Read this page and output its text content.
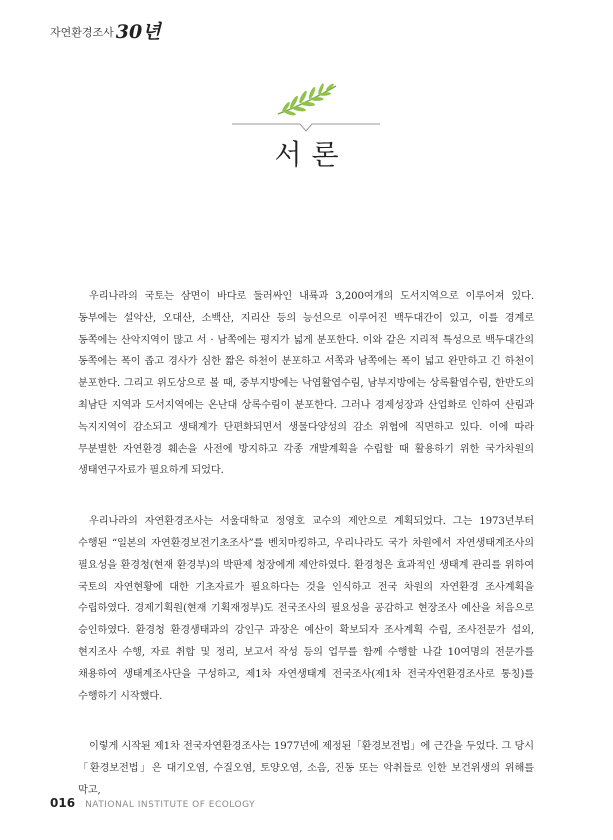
자연환경조사 30년
서론

우리나라의 국토는 삼면이 바다로 둘러싸인 내륙과 3,200여개의 도서지역으로 이루어져 있다. 동부에는 설악산, 오대산, 소백산, 지리산 등의 능선으로 이루어진 백두대간이 있고, 이를 경계로 동쪽에는 산악지역이 많고 서 · 남쪽에는 평지가 넓게 분포한다. 이와 같은 지리적 특성으로 백두대간의 동쪽에는 폭이 좁고 경사가 심한 짧은 하천이 분포하고 서쪽과 남쪽에는 폭이 넓고 완만하고 긴 하천이 분포한다. 그리고 위도상으로 볼 때, 중부지방에는 낙엽활엽수림, 남부지방에는 상록활엽수림, 한반도의 최남단 지역과 도서지역에는 온난대 상록수림이 분포한다. 그러나 경제성장과 산업화로 인하여 산림과 녹지지역이 감소되고 생태계가 단편화되면서 생물다양성의 감소 위협에 직면하고 있다. 이에 따라 무분별한 자연환경 훼손을 사전에 방지하고 각종 개발계획을 수립할 때 활용하기 위한 국가차원의 생태연구자료가 필요하게 되었다.

우리나라의 자연환경조사는 서울대학교 정영호 교수의 제안으로 계획되었다. 그는 1973년부터 수행된 “일본의 자연환경보전기초조사”를 벤치마킹하고, 우리나라도 국가 차원에서 자연생태계조사의 필요성을 환경청(현재 환경부)의 박판제 청장에게 제안하였다. 환경청은 효과적인 생태계 관리를 위하여 국토의 자연현황에 대한 기초자료가 필요하다는 것을 인식하고 전국 차원의 자연환경 조사계획을 수립하였다. 경제기획원(현재 기획재정부)도 전국조사의 필요성을 공감하고 현장조사 예산을 처음으로 승인하였다. 환경청 환경생태과의 강인구 과장은 예산이 확보되자 조사계획 수립, 조사전문가 섭외, 현지조사 수행, 자료 취합 및 정리, 보고서 작성 등의 업무를 함께 수행할 나갈 10여명의 전문가를 채용하여 생태계조사단을 구성하고, 제1차 자연생태계 전국조사(제1차 전국자연환경조사로 통칭)를 수행하기 시작했다.

이렇게 시작된 제1차 전국자연환경조사는 1977년에 제정된「환경보전법」에 근간을 두었다. 그 당시「환경보전법」은 대기오염, 수질오염, 토양오염, 소음, 진동 또는 악취들로 인한 보건위생의 위해를 막고,

016 NATIONAL INSTITUTE OF ECOLOGY
